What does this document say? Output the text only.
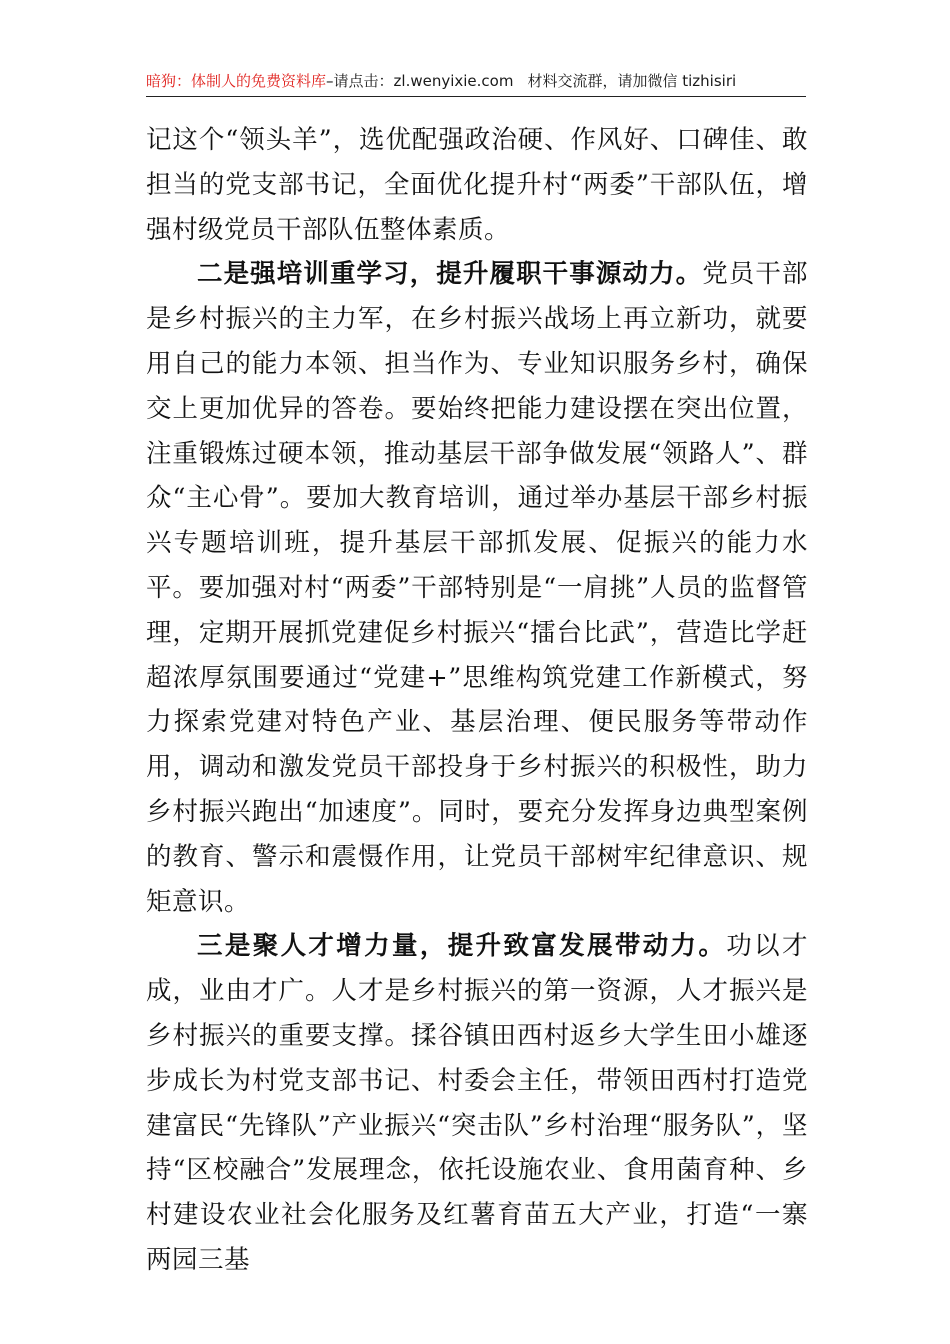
暗狗：体制人的免费资料库–请点击：zl.wenyixie.com 材料交流群，请加微信 tizhisiri

记这个“领头羊”，选优配强政治硬、作风好、口碑佳、敢担当的党支部书记，全面优化提升村“两委”干部队伍，增强村级党员干部队伍整体素质。

二是强培训重学习，提升履职干事源动力。党员干部是乡村振兴的主力军，在乡村振兴战场上再立新功，就要用自己的能力本领、担当作为、专业知识服务乡村，确保交上更加优异的答卷。要始终把能力建设摆在突出位置，注重锻炼过硬本领，推动基层干部争做发展“领路人”、群众“主心骨”。要加大教育培训，通过举办基层干部乡村振兴专题培训班，提升基层干部抓发展、促振兴的能力水平。要加强对村“两委”干部特别是“一肩挑”人员的监督管理，定期开展抓党建促乡村振兴“擂台比武”，营造比学赶超浓厚氛围要通过“党建+”思维构筑党建工作新模式，努力探索党建对特色产业、基层治理、便民服务等带动作用，调动和激发党员干部投身于乡村振兴的积极性，助力乡村振兴跑出“加速度”。同时，要充分发挥身边典型案例的教育、警示和震慑作用，让党员干部树牢纪律意识、规矩意识。

三是聚人才增力量，提升致富发展带动力。功以才成，业由才广。人才是乡村振兴的第一资源，人才振兴是乡村振兴的重要支撑。揉谷镇田西村返乡大学生田小雄逐步成长为村党支部书记、村委会主任，带领田西村打造党建富民“先锋队”产业振兴“突击队”乡村治理“服务队”，坚持“区校融合”发展理念，依托设施农业、食用菌育种、乡村建设农业社会化服务及红薯育苗五大产业，打造“一寨两园三基
